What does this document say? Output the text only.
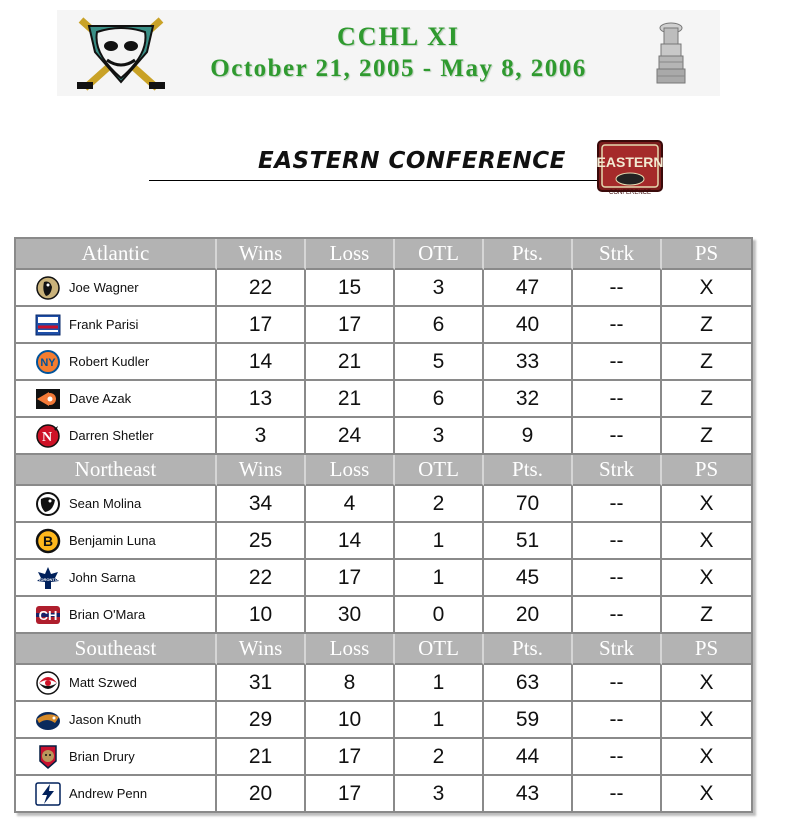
CCHL XI
October 21, 2005 - May 8, 2006
EASTERN CONFERENCE EASTERN
CONFERENCE
Atlantic	Wins	Loss	OTL	Pts.	Strk	PS

Joe Wagner	22	15	3	47	--	X

Frank Parisi	17	17	6	40	--	Z

NY Robert Kudler	14	21	5	33	--	Z

Dave Azak	13	21	6	32	--	Z

N Darren Shetler	3	24	3	9	--	Z
Northeast	Wins	Loss	OTL	Pts.	Strk	PS

Sean Molina	34	4	2	70	--	X

B Benjamin Luna	25	14	1	51	--	X

TORONTO John Sarna	22	17	1	45	--	X

CH Brian O'Mara	10	30	0	20	--	Z
Southeast	Wins	Loss	OTL	Pts.	Strk	PS

Matt Szwed	31	8	1	63	--	X

Jason Knuth	29	10	1	59	--	X

Brian Drury	21	17	2	44	--	X

Andrew Penn	20	17	3	43	--	X
